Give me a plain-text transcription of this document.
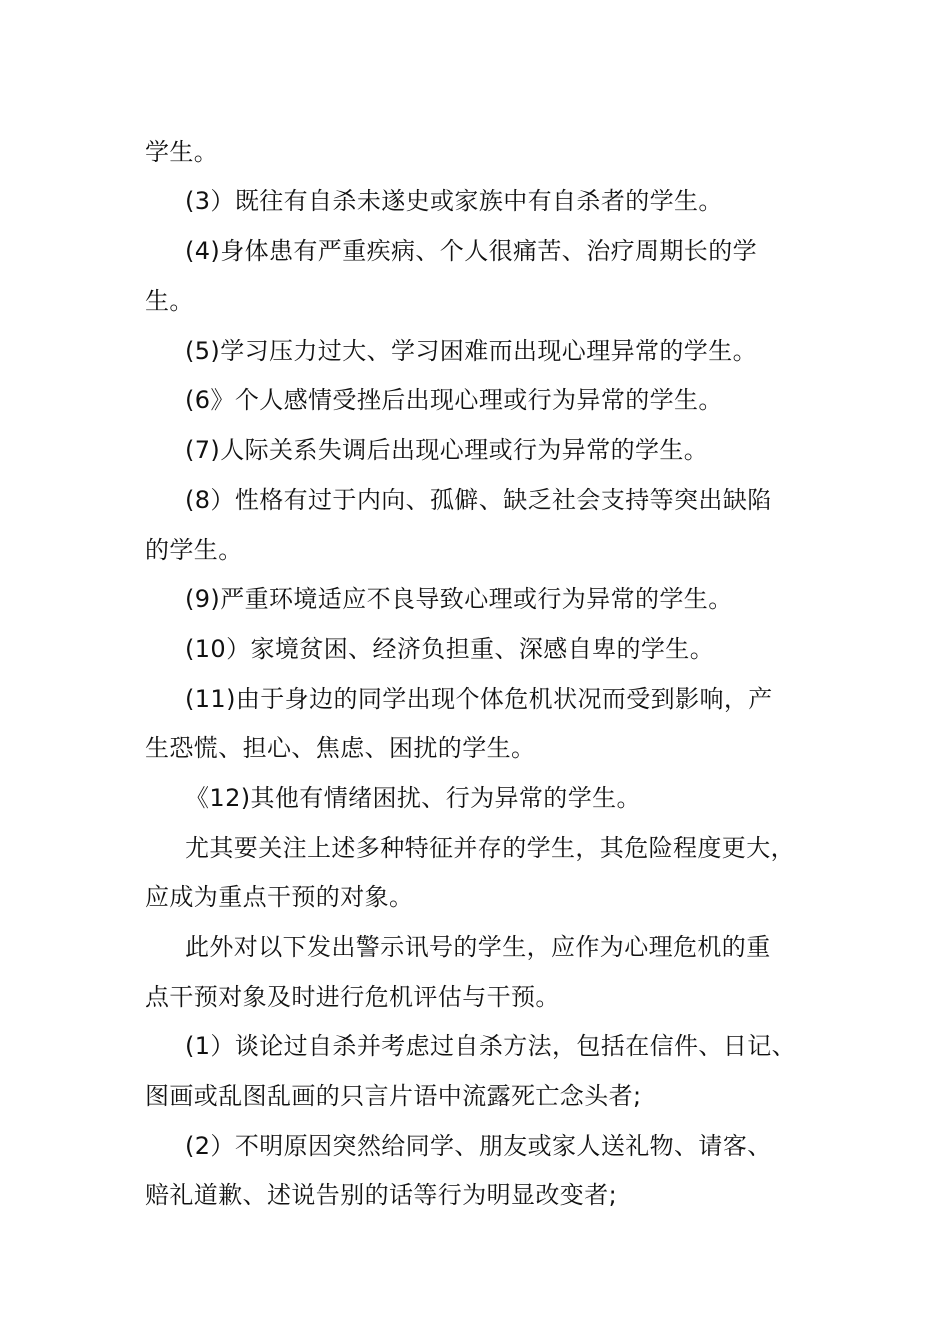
学生。
(3）既往有自杀未遂史或家族中有自杀者的学生。
(4)身体患有严重疾病、个人很痛苦、治疗周期长的学
生。
(5)学习压力过大、学习困难而出现心理异常的学生。
(6》个人感情受挫后出现心理或行为异常的学生。
(7)人际关系失调后出现心理或行为异常的学生。
(8）性格有过于内向、孤僻、缺乏社会支持等突出缺陷
的学生。
(9)严重环境适应不良导致心理或行为异常的学生。
(10）家境贫困、经济负担重、深感自卑的学生。
(11)由于身边的同学出现个体危机状况而受到影响，产
生恐慌、担心、焦虑、困扰的学生。
《12)其他有情绪困扰、行为异常的学生。
尤其要关注上述多种特征并存的学生，其危险程度更大，
应成为重点干预的对象。
此外对以下发出警示讯号的学生，应作为心理危机的重
点干预对象及时进行危机评估与干预。
(1）谈论过自杀并考虑过自杀方法，包括在信件、日记、
图画或乱图乱画的只言片语中流露死亡念头者;
(2）不明原因突然给同学、朋友或家人送礼物、请客、
赔礼道歉、述说告别的话等行为明显改变者;
